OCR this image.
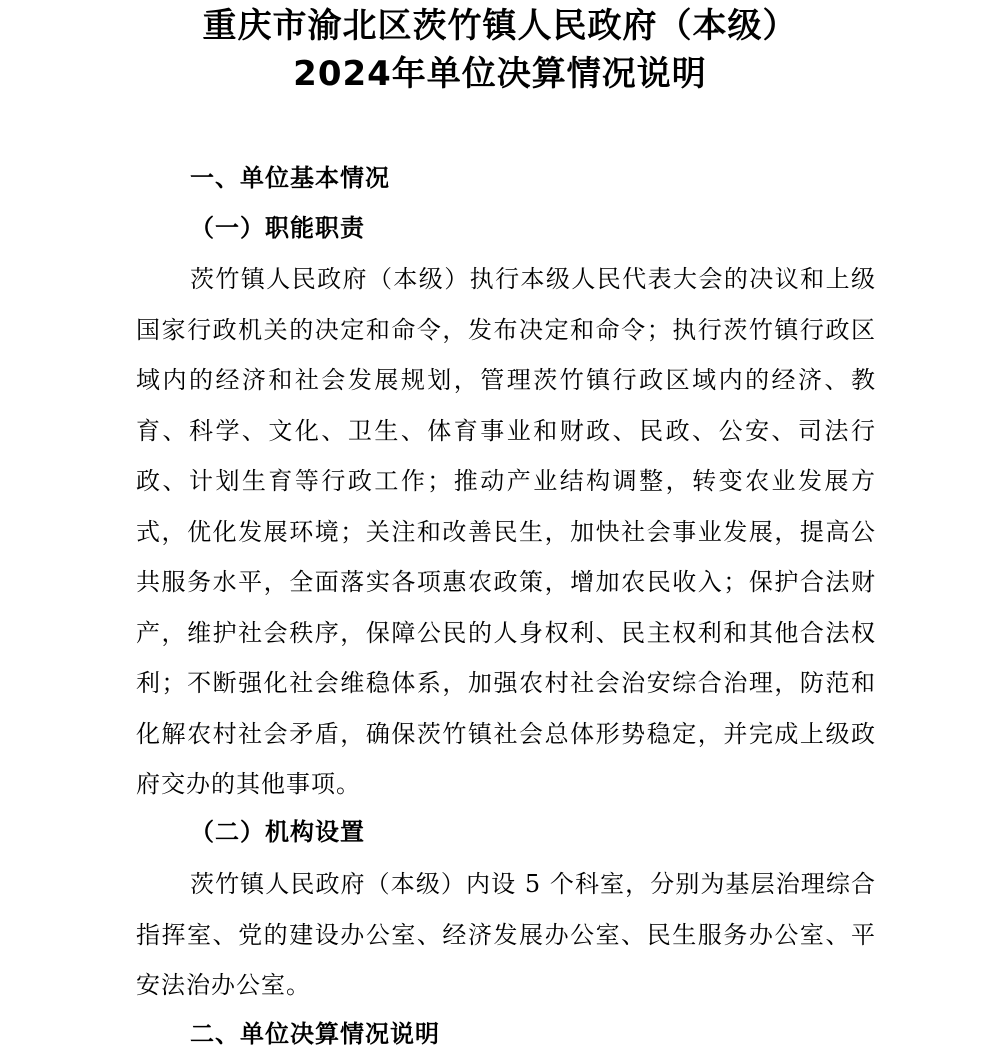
重庆市渝北区茨竹镇人民政府（本级）
2024年单位决算情况说明
一、单位基本情况
（一）职能职责

茨竹镇人民政府（本级）执行本级人民代表大会的决议和上级国家行政机关的决定和命令，发布决定和命令；执行茨竹镇行政区域内的经济和社会发展规划，管理茨竹镇行政区域内的经济、教育、科学、文化、卫生、体育事业和财政、民政、公安、司法行政、计划生育等行政工作；推动产业结构调整，转变农业发展方式，优化发展环境；关注和改善民生，加快社会事业发展，提高公共服务水平，全面落实各项惠农政策，增加农民收入；保护合法财产，维护社会秩序，保障公民的人身权利、民主权利和其他合法权利；不断强化社会维稳体系，加强农村社会治安综合治理，防范和化解农村社会矛盾，确保茨竹镇社会总体形势稳定，并完成上级政府交办的其他事项。

（二）机构设置

茨竹镇人民政府（本级）内设 5 个科室，分别为基层治理综合指挥室、党的建设办公室、经济发展办公室、民生服务办公室、平安法治办公室。

二、单位决算情况说明
